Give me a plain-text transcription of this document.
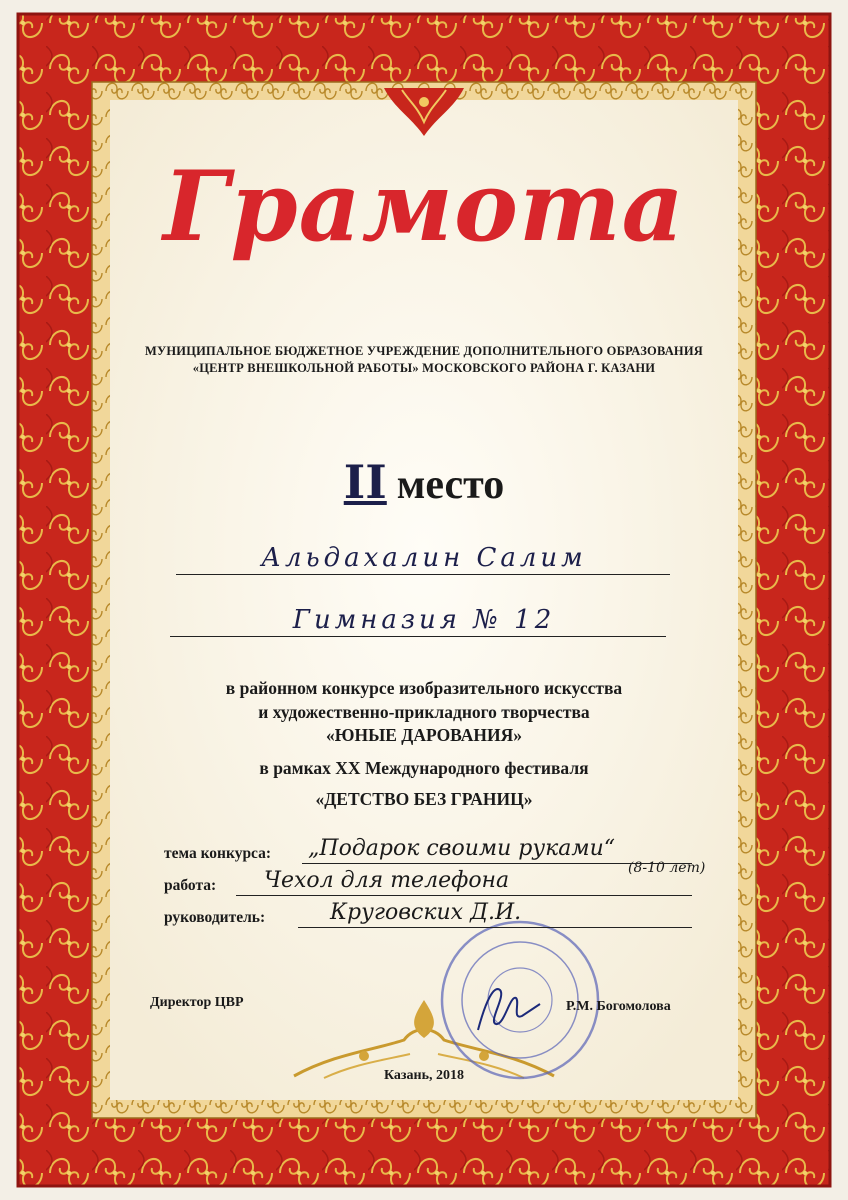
Грамота
МУНИЦИПАЛЬНОЕ БЮДЖЕТНОЕ УЧРЕЖДЕНИЕ ДОПОЛНИТЕЛЬНОГО ОБРАЗОВАНИЯ
«ЦЕНТР ВНЕШКОЛЬНОЙ РАБОТЫ» МОСКОВСКОГО РАЙОНА Г. КАЗАНИ
II место
Альдахалин Салим
Гимназия № 12
в районном конкурсе изобразительного искусства
и художественно-прикладного творчества
«ЮНЫЕ ДАРОВАНИЯ»
в рамках XX Международного фестиваля
«ДЕТСТВО БЕЗ ГРАНИЦ»
тема конкурса: „Подарок своими руками“
(8-10 лет)
работа: Чехол для телефона
руководитель:	Круговских Д.И.
Директор ЦВР	Р.М. Богомолова
Казань, 2018
